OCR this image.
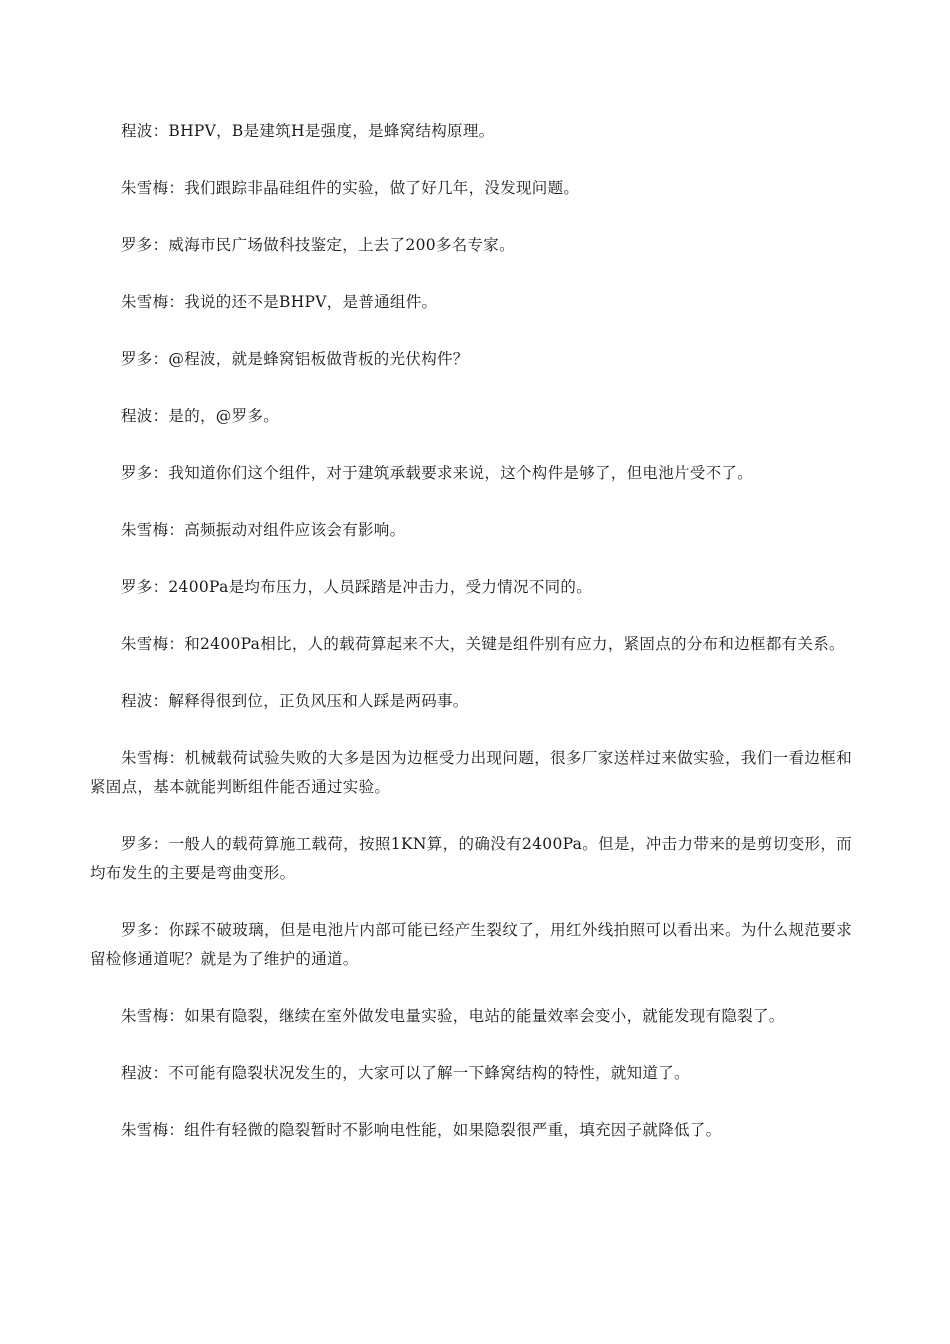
程波：BHPV，B是建筑H是强度，是蜂窝结构原理。

朱雪梅：我们跟踪非晶硅组件的实验，做了好几年，没发现问题。

罗多：威海市民广场做科技鉴定，上去了200多名专家。

朱雪梅：我说的还不是BHPV，是普通组件。

罗多：@程波，就是蜂窝铝板做背板的光伏构件？

程波：是的，@罗多。

罗多：我知道你们这个组件，对于建筑承载要求来说，这个构件是够了，但电池片受不了。

朱雪梅：高频振动对组件应该会有影响。

罗多：2400Pa是均布压力，人员踩踏是冲击力，受力情况不同的。

朱雪梅：和2400Pa相比，人的载荷算起来不大，关键是组件别有应力，紧固点的分布和边框都有关系。

程波：解释得很到位，正负风压和人踩是两码事。

朱雪梅：机械载荷试验失败的大多是因为边框受力出现问题，很多厂家送样过来做实验，我们一看边框和紧固点，基本就能判断组件能否通过实验。

罗多：一般人的载荷算施工载荷，按照1KN算，的确没有2400Pa。但是，冲击力带来的是剪切变形，而均布发生的主要是弯曲变形。

罗多：你踩不破玻璃，但是电池片内部可能已经产生裂纹了，用红外线拍照可以看出来。为什么规范要求留检修通道呢？就是为了维护的通道。

朱雪梅：如果有隐裂，继续在室外做发电量实验，电站的能量效率会变小，就能发现有隐裂了。

程波：不可能有隐裂状况发生的，大家可以了解一下蜂窝结构的特性，就知道了。

朱雪梅：组件有轻微的隐裂暂时不影响电性能，如果隐裂很严重，填充因子就降低了。
